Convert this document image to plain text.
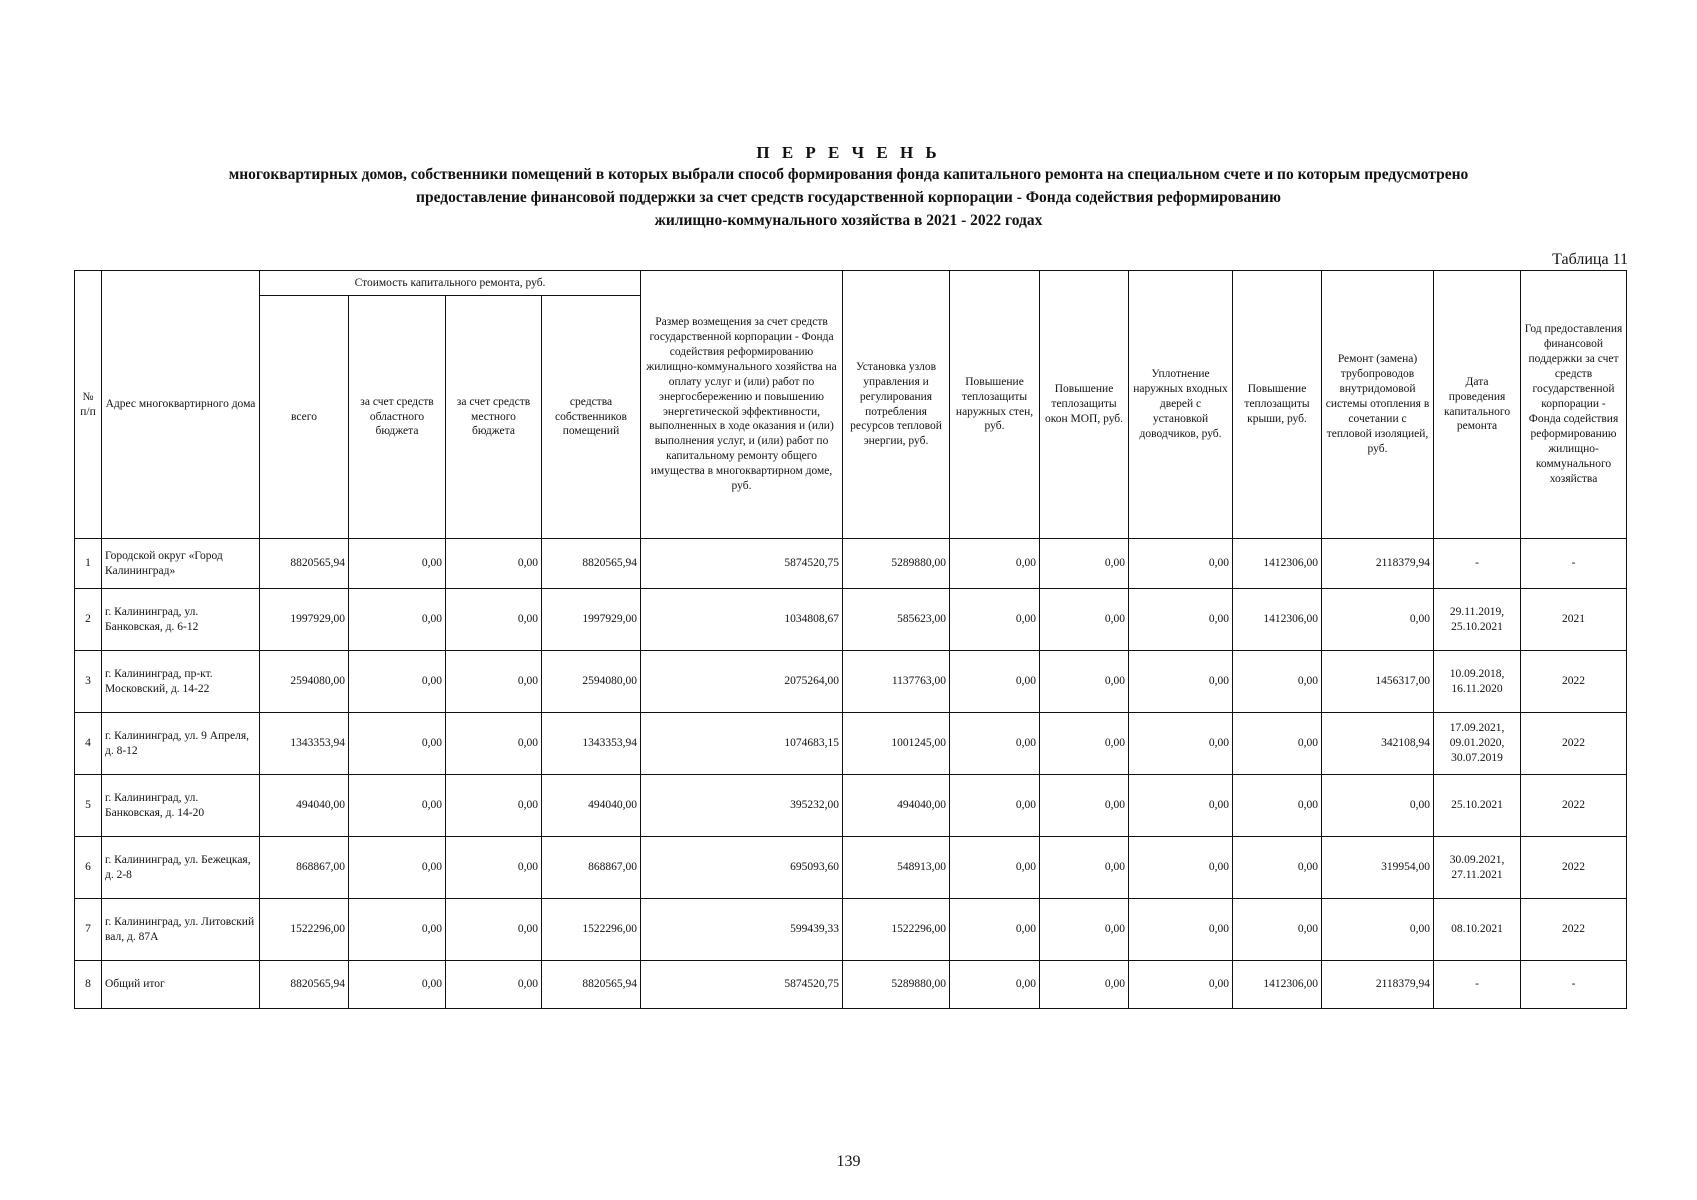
П Е Р Е Ч Е Н Ь
многоквартирных домов, собственники помещений в которых выбрали способ формирования фонда капитального ремонта на специальном счете и по которым предусмотрено
предоставление финансовой поддержки за счет средств государственной корпорации - Фонда содействия реформированию
жилищно-коммунального хозяйства в 2021 - 2022 годах
Таблица 11
№ п/п	Адрес многоквартирного дома	Стоимость капитального ремонта, руб.				Размер возмещения за счет средств государственной корпорации - Фонда содействия реформированию жилищно-коммунального хозяйства на оплату услуг и (или) работ по энергосбережению и повышению энергетической эффективности, выполненных в ходе оказания и (или) выполнения услуг, и (или) работ по капитальному ремонту общего имущества в многоквартирном доме, руб.	Установка узлов управления и регулирования потребления ресурсов тепловой энергии, руб.	Повышение теплозащиты наружных стен, руб.	Повышение теплозащиты окон МОП, руб.	Уплотнение наружных входных дверей с установкой доводчиков, руб.	Повышение теплозащиты крыши, руб.	Ремонт (замена) трубопроводов внутридомовой системы отопления в сочетании с тепловой изоляцией, руб.	Дата проведения капитального ремонта	Год предоставления финансовой поддержки за счет средств государственной корпорации - Фонда содействия реформированию жилищно-коммунального хозяйства
		всего	за счет средств областного бюджета	за счет средств местного бюджета	средства собственников помещений									
1	Городской округ «Город Калининград»	8820565,94	0,00	0,00	8820565,94	5874520,75	5289880,00	0,00	0,00	0,00	1412306,00	2118379,94	-	-
2	г. Калининград, ул. Банковская, д. 6-12	1997929,00	0,00	0,00	1997929,00	1034808,67	585623,00	0,00	0,00	0,00	1412306,00	0,00	29.11.2019, 25.10.2021	2021
3	г. Калининград, пр-кт. Московский, д. 14-22	2594080,00	0,00	0,00	2594080,00	2075264,00	1137763,00	0,00	0,00	0,00	0,00	1456317,00	10.09.2018, 16.11.2020	2022
4	г. Калининград, ул. 9 Апреля, д. 8-12	1343353,94	0,00	0,00	1343353,94	1074683,15	1001245,00	0,00	0,00	0,00	0,00	342108,94	17.09.2021, 09.01.2020, 30.07.2019	2022
5	г. Калининград, ул. Банковская, д. 14-20	494040,00	0,00	0,00	494040,00	395232,00	494040,00	0,00	0,00	0,00	0,00	0,00	25.10.2021	2022
6	г. Калининград, ул. Бежецкая, д. 2-8	868867,00	0,00	0,00	868867,00	695093,60	548913,00	0,00	0,00	0,00	0,00	319954,00	30.09.2021, 27.11.2021	2022
7	г. Калининград, ул. Литовский вал, д. 87А	1522296,00	0,00	0,00	1522296,00	599439,33	1522296,00	0,00	0,00	0,00	0,00	0,00	08.10.2021	2022
8	Общий итог	8820565,94	0,00	0,00	8820565,94	5874520,75	5289880,00	0,00	0,00	0,00	1412306,00	2118379,94	-	-
139
